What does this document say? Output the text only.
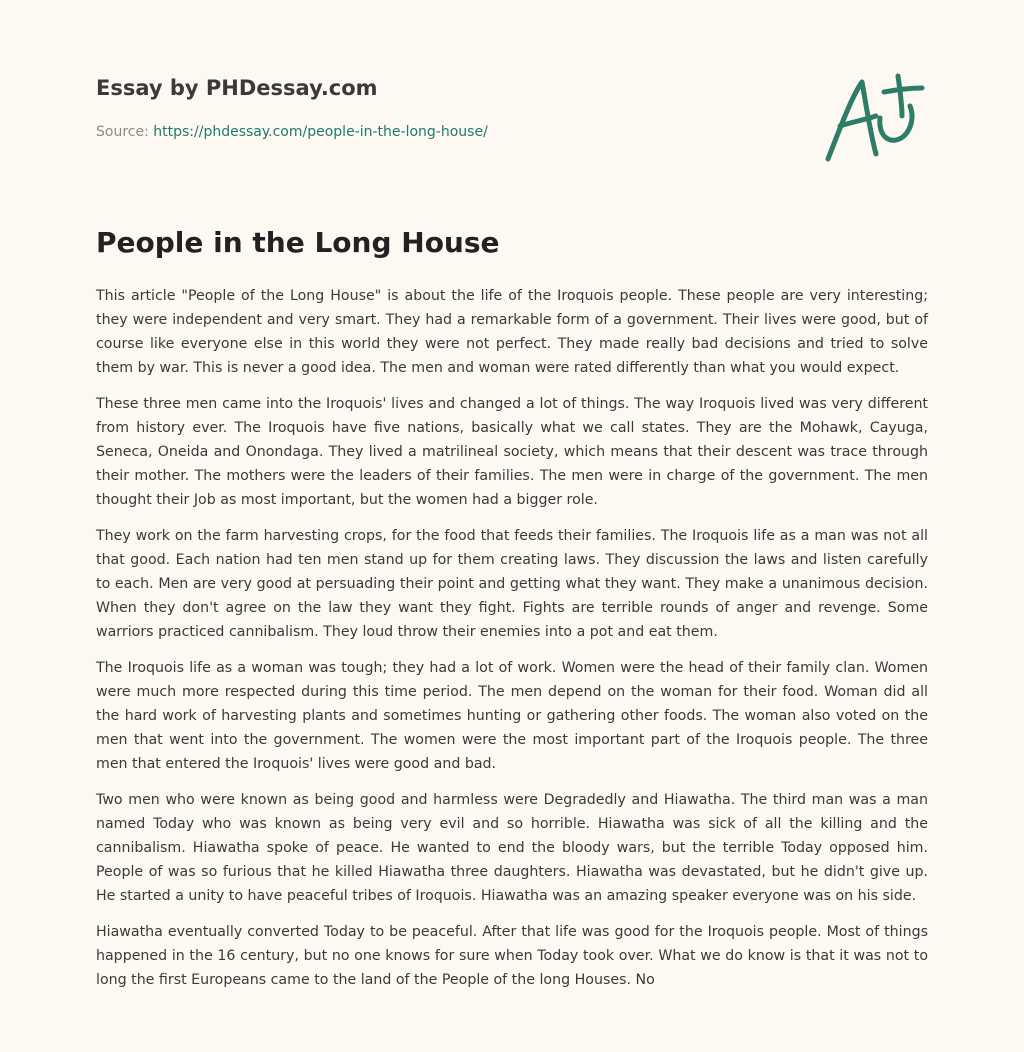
Essay by PHDessay.com
Source: https://phdessay.com/people-in-the-long-house/
People in the Long House

This article "People of the Long House" is about the life of the Iroquois people. These people are very interesting; they were independent and very smart. They had a remarkable form of a government. Their lives were good, but of course like everyone else in this world they were not perfect. They made really bad decisions and tried to solve them by war. This is never a good idea. The men and woman were rated differently than what you would expect.

These three men came into the Iroquois' lives and changed a lot of things. The way Iroquois lived was very different from history ever. The Iroquois have five nations, basically what we call states. They are the Mohawk, Cayuga, Seneca, Oneida and Onondaga. They lived a matrilineal society, which means that their descent was trace through their mother. The mothers were the leaders of their families. The men were in charge of the government. The men thought their Job as most important, but the women had a bigger role.

They work on the farm harvesting crops, for the food that feeds their families. The Iroquois life as a man was not all that good. Each nation had ten men stand up for them creating laws. They discussion the laws and listen carefully to each. Men are very good at persuading their point and getting what they want. They make a unanimous decision. When they don't agree on the law they want they fight. Fights are terrible rounds of anger and revenge. Some warriors practiced cannibalism. They loud throw their enemies into a pot and eat them.

The Iroquois life as a woman was tough; they had a lot of work. Women were the head of their family clan. Women were much more respected during this time period. The men depend on the woman for their food. Woman did all the hard work of harvesting plants and sometimes hunting or gathering other foods. The woman also voted on the men that went into the government. The women were the most important part of the Iroquois people. The three men that entered the Iroquois' lives were good and bad.

Two men who were known as being good and harmless were Degradedly and Hiawatha. The third man was a man named Today who was known as being very evil and so horrible. Hiawatha was sick of all the killing and the cannibalism. Hiawatha spoke of peace. He wanted to end the bloody wars, but the terrible Today opposed him. People of was so furious that he killed Hiawatha three daughters. Hiawatha was devastated, but he didn't give up. He started a unity to have peaceful tribes of Iroquois. Hiawatha was an amazing speaker everyone was on his side.

Hiawatha eventually converted Today to be peaceful. After that life was good for the Iroquois people. Most of things happened in the 16 century, but no one knows for sure when Today took over. What we do know is that it was not to long the first Europeans came to the land of the People of the long Houses. No
